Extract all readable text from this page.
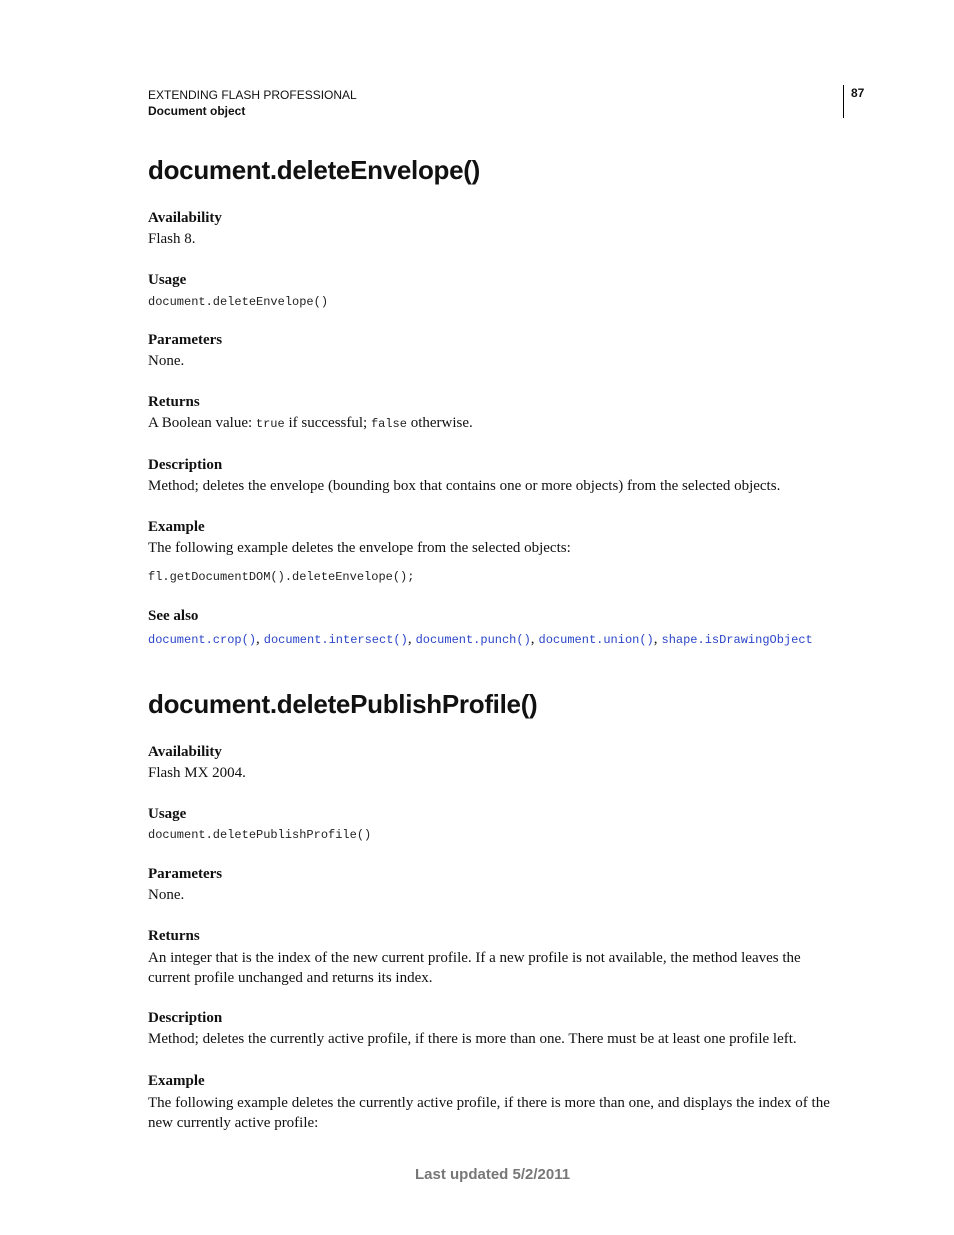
EXTENDING FLASH PROFESSIONAL
Document object
87
document.deleteEnvelope()
Availability
Flash 8.
Usage
document.deleteEnvelope()
Parameters
None.
Returns
A Boolean value: true if successful; false otherwise.
Description
Method; deletes the envelope (bounding box that contains one or more objects) from the selected objects.
Example
The following example deletes the envelope from the selected objects:
fl.getDocumentDOM().deleteEnvelope();
See also
document.crop(), document.intersect(), document.punch(), document.union(), shape.isDrawingObject
document.deletePublishProfile()
Availability
Flash MX 2004.
Usage
document.deletePublishProfile()
Parameters
None.
Returns
An integer that is the index of the new current profile. If a new profile is not available, the method leaves the current profile unchanged and returns its index.
Description
Method; deletes the currently active profile, if there is more than one. There must be at least one profile left.
Example
The following example deletes the currently active profile, if there is more than one, and displays the index of the new currently active profile:
Last updated 5/2/2011
